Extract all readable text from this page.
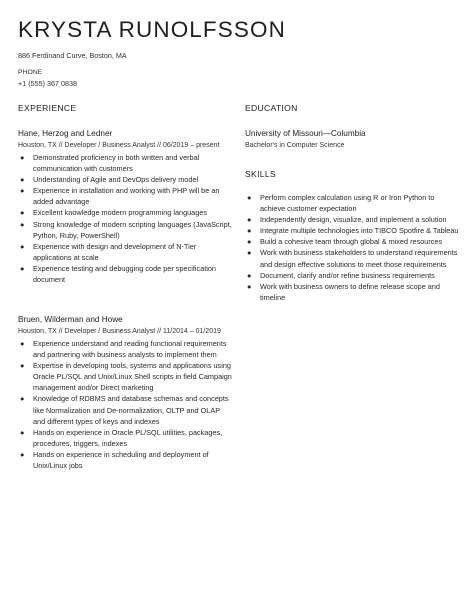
KRYSTA RUNOLFSSON
886 Ferdinand Curve, Boston, MA
PHONE
+1 (555) 367 0838
EXPERIENCE
Hane, Herzog and Ledner
Houston, TX // Developer / Business Analyst // 06/2019 – present
● Demonstrated proficiency in both written and verbal communication with customers
● Understanding of Agile and DevOps delivery model
● Experience in installation and working with PHP will be an added advantage
● Excellent knowledge modern programming languages
● Strong knowledge of modern scripting languages (JavaScript, Python, Ruby, PowerShell)
● Experience with design and development of N-Tier applications at scale
● Experience testing and debugging code per specification document
Bruen, Wilderman and Howe
Houston, TX // Developer / Business Analyst // 11/2014 – 01/2019
● Experience understand and reading functional requirements and partnering with business analysts to implement them
● Expertise in developing tools, systems and applications using Oracle PL/SQL and Unix/Linux Shell scripts in field Campaign management and/or Direct marketing
● Knowledge of RDBMS and database schemas and concepts like Normalization and De-normalization, OLTP and OLAP and different types of keys and indexes
● Hands on experience in Oracle PL/SQL utilities, packages, procedures, triggers, indexes
● Hands on experience in scheduling and deployment of Unix/Linux jobs
EDUCATION
University of Missouri—Columbia
Bachelor's in Computer Science
SKILLS
● Perform complex calculation using R or Iron Python to achieve customer expectation
● Independently design, visualize, and implement a solution
● Integrate multiple technologies into TIBCO Spotfire & Tableau
● Build a cohesive team through global & mixed resources
● Work with business stakeholders to understand requirements and design effective solutions to meet those requirements
● Document, clarify and/or refine business requirements
● Work with business owners to define release scope and timeline
